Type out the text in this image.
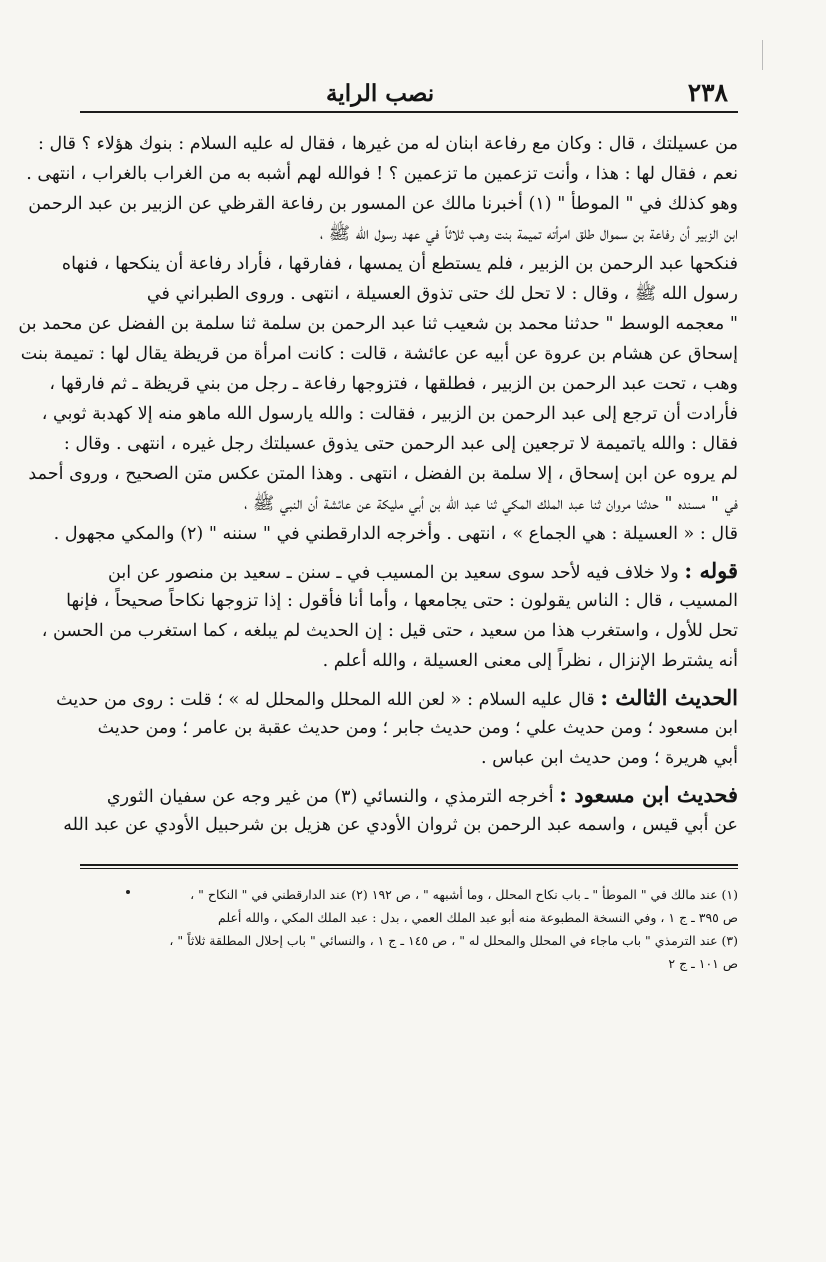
٢٣٨
نصب الراية
من عسيلتك ، قال : وكان مع رفاعة ابنان له من غيرها ، فقال له عليه السلام : بنوك هؤلاء ؟ قال :
نعم ، فقال لها : هذا ، وأنت تزعمين ما تزعمين ؟ ! فوالله لهم أشبه به من الغراب بالغراب ، انتهى .
وهو كذلك في " الموطأ " (١) أخبرنا مالك عن المسور بن رفاعة القرظي عن الزبير بن عبد الرحمن
ابن الزبير أن رفاعة بن سموال طلق امرأته تميمة بنت وهب ثلاثاً في عهد رسول الله ﷺ ،
فنكحها عبد الرحمن بن الزبير ، فلم يستطع أن يمسها ، ففارقها ، فأراد رفاعة أن ينكحها ، فنهاه
رسول الله ﷺ ، وقال : لا تحل لك حتى تذوق العسيلة ، انتهى . وروى الطبراني في
" معجمه الوسط " حدثنا محمد بن شعيب ثنا عبد الرحمن بن سلمة ثنا سلمة بن الفضل عن محمد بن
إسحاق عن هشام بن عروة عن أبيه عن عائشة ، قالت : كانت امرأة من قريظة يقال لها : تميمة بنت
وهب ، تحت عبد الرحمن بن الزبير ، فطلقها ، فتزوجها رفاعة ـ رجل من بني قريظة ـ ثم فارقها ،
فأرادت أن ترجع إلى عبد الرحمن بن الزبير ، فقالت : والله يارسول الله ماهو منه إلا كهدبة ثوبي ،
فقال : والله ياتميمة لا ترجعين إلى عبد الرحمن حتى يذوق عسيلتك رجل غيره ، انتهى . وقال :
لم يروه عن ابن إسحاق ، إلا سلمة بن الفضل ، انتهى . وهذا المتن عكس متن الصحيح ، وروى أحمد
في " مسنده " حدثنا مروان ثنا عبد الملك المكي ثنا عبد الله بن أبي مليكة عن عائشة أن النبي ﷺ ،
قال : « العسيلة : هي الجماع » ، انتهى . وأخرجه الدارقطني في " سننه " (٢) والمكي مجهول .
قوله : ولا خلاف فيه لأحد سوى سعيد بن المسيب في ـ سنن ـ سعيد بن منصور عن ابن
المسيب ، قال : الناس يقولون : حتى يجامعها ، وأما أنا فأقول : إذا تزوجها نكاحاً صحيحاً ، فإنها
تحل للأول ، واستغرب هذا من سعيد ، حتى قيل : إن الحديث لم يبلغه ، كما استغرب من الحسن ،
أنه يشترط الإنزال ، نظراً إلى معنى العسيلة ، والله أعلم .
الحديث الثالث : قال عليه السلام : « لعن الله المحلل والمحلل له » ؛ قلت : روى من حديث
ابن مسعود ؛ ومن حديث علي ؛ ومن حديث جابر ؛ ومن حديث عقبة بن عامر ؛ ومن حديث
أبي هريرة ؛ ومن حديث ابن عباس .
فحديث ابن مسعود : أخرجه الترمذي ، والنسائي (٣) من غير وجه عن سفيان الثوري
عن أبي قيس ، واسمه عبد الرحمن بن ثروان الأودي عن هزيل بن شرحبيل الأودي عن عبد الله
(١) عند مالك في " الموطأ " ـ باب نكاح المحلل ، وما أشبهه " ، ص ١٩٢ (٢) عند الدارقطني في " النكاح " ،
ص ٣٩٥ ـ ج ١ ، وفي النسخة المطبوعة منه أبو عبد الملك العمي ، بدل : عبد الملك المكي ، والله أعلم
(٣) عند الترمذي " باب ماجاء في المحلل والمحلل له " ، ص ١٤٥ ـ ج ١ ، والنسائي " باب إحلال المطلقة ثلاثاً " ،
ص ١٠١ ـ ج ٢
